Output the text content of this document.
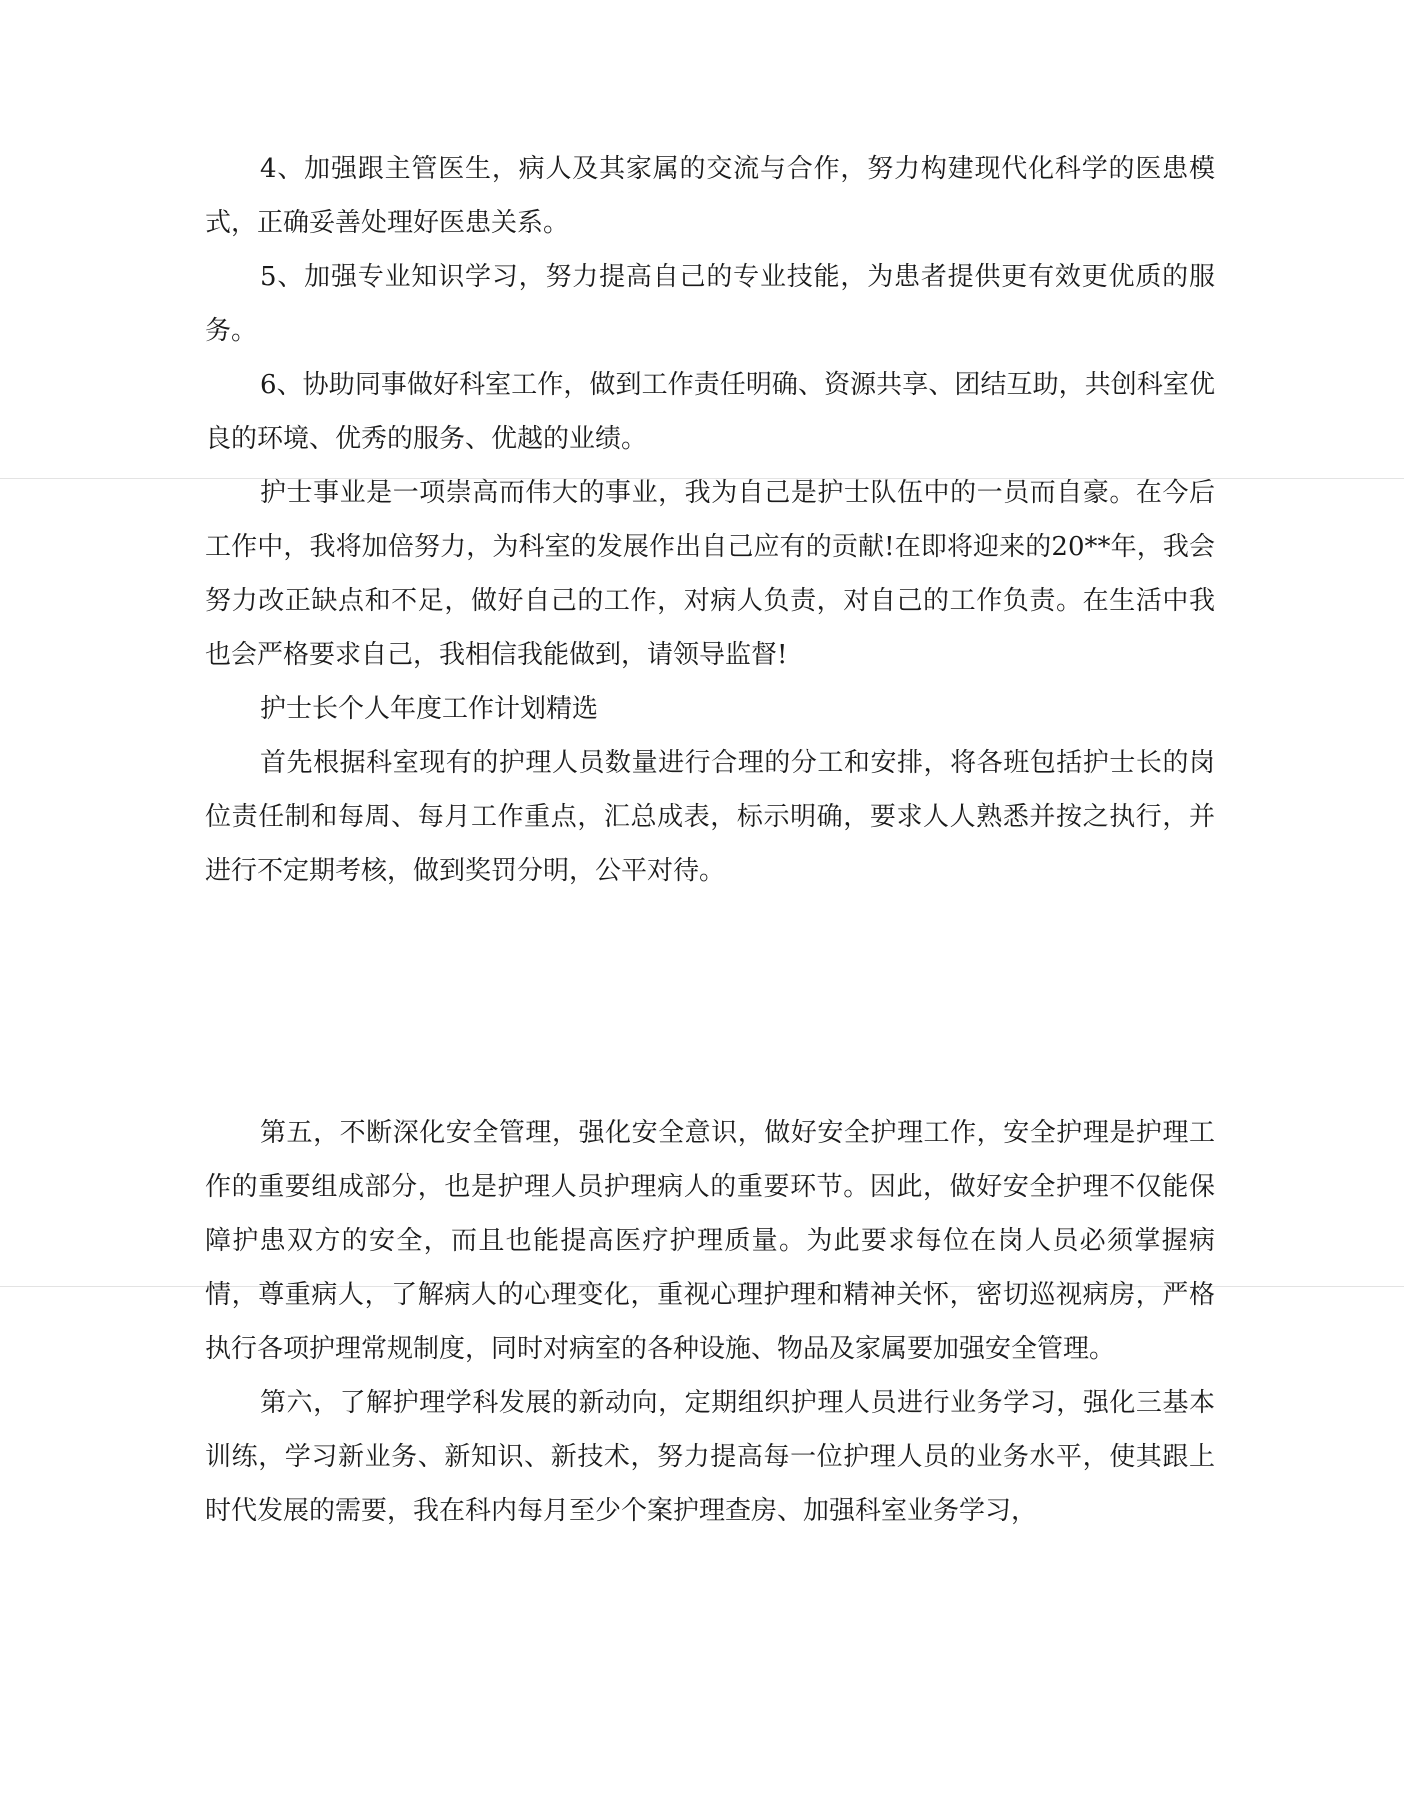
4、加强跟主管医生，病人及其家属的交流与合作，努力构建现代化科学的医患模式，正确妥善处理好医患关系。

5、加强专业知识学习，努力提高自己的专业技能，为患者提供更有效更优质的服务。

6、协助同事做好科室工作，做到工作责任明确、资源共享、团结互助，共创科室优良的环境、优秀的服务、优越的业绩。

护士事业是一项崇高而伟大的事业，我为自己是护士队伍中的一员而自豪。在今后工作中，我将加倍努力，为科室的发展作出自己应有的贡献!在即将迎来的20**年，我会努力改正缺点和不足，做好自己的工作，对病人负责，对自己的工作负责。在生活中我也会严格要求自己，我相信我能做到，请领导监督!

护士长个人年度工作计划精选

首先根据科室现有的护理人员数量进行合理的分工和安排，将各班包括护士长的岗位责任制和每周、每月工作重点，汇总成表，标示明确，要求人人熟悉并按之执行，并进行不定期考核，做到奖罚分明，公平对待。

第五，不断深化安全管理，强化安全意识，做好安全护理工作，安全护理是护理工作的重要组成部分，也是护理人员护理病人的重要环节。因此，做好安全护理不仅能保障护患双方的安全，而且也能提高医疗护理质量。为此要求每位在岗人员必须掌握病情，尊重病人，了解病人的心理变化，重视心理护理和精神关怀，密切巡视病房，严格执行各项护理常规制度，同时对病室的各种设施、物品及家属要加强安全管理。

第六，了解护理学科发展的新动向，定期组织护理人员进行业务学习，强化三基本训练，学习新业务、新知识、新技术，努力提高每一位护理人员的业务水平，使其跟上时代发展的需要，我在科内每月至少个案护理查房、加强科室业务学习，
